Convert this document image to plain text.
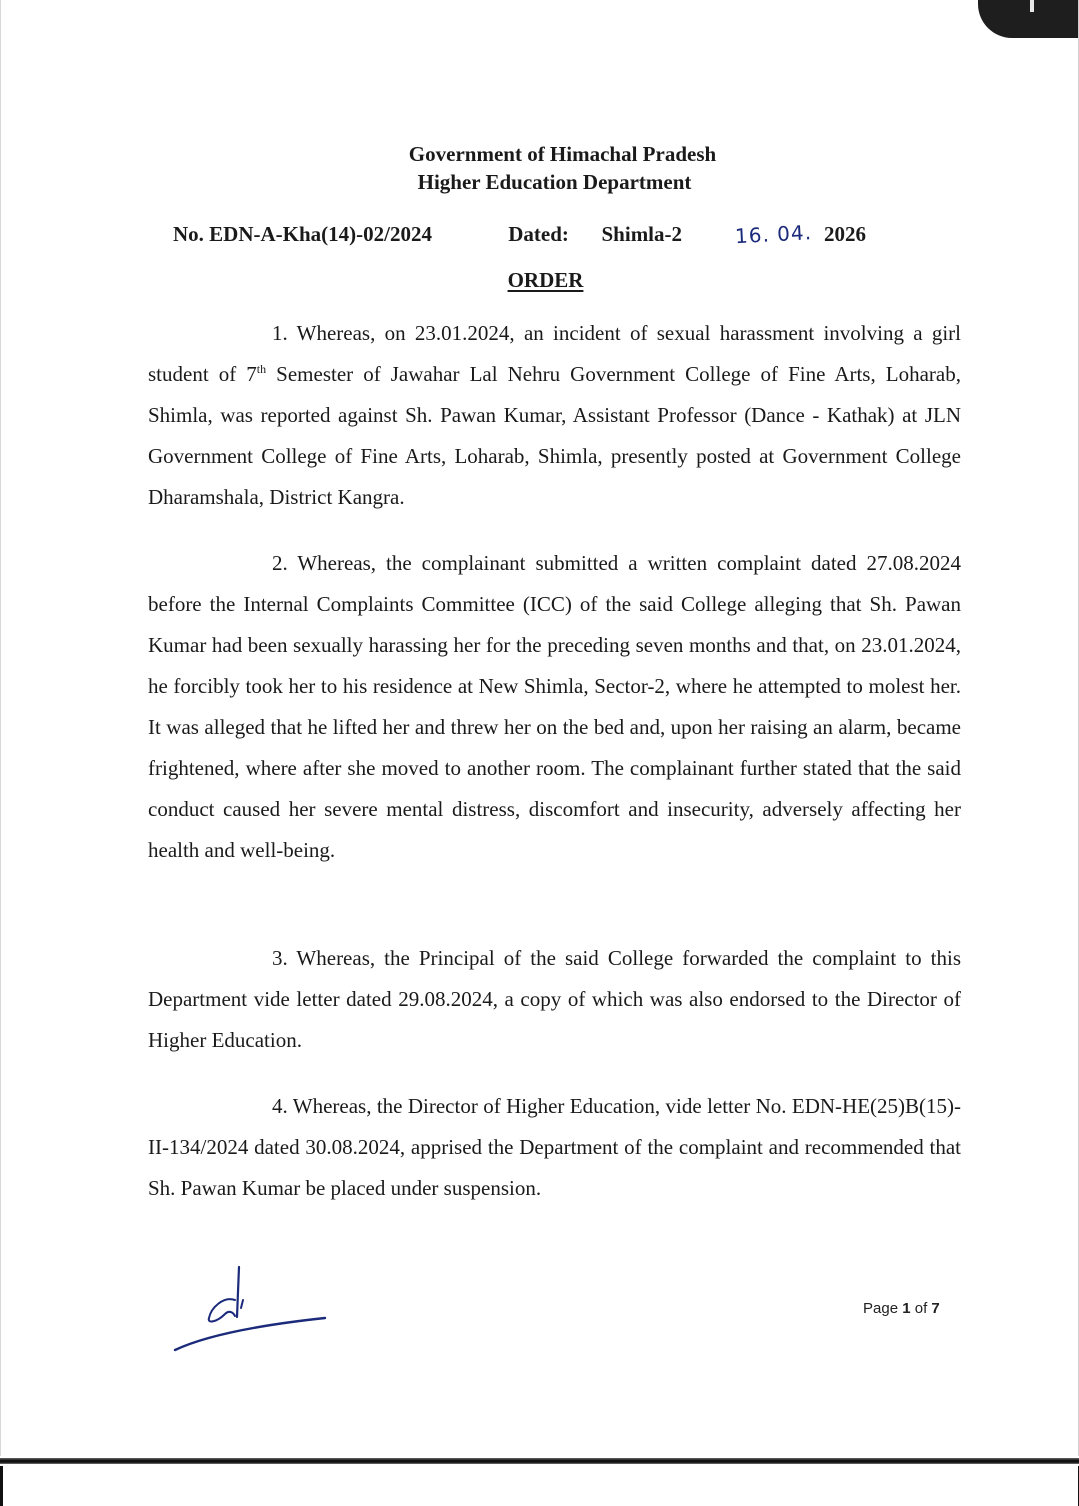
Government of Himachal Pradesh
Higher Education Department
No. EDN-A-Kha(14)-02/2024	Dated: Shimla-2	16. 04. 2026
ORDER

1. Whereas, on 23.01.2024, an incident of sexual harassment involving a girl student of 7th Semester of Jawahar Lal Nehru Government College of Fine Arts, Loharab, Shimla, was reported against Sh. Pawan Kumar, Assistant Professor (Dance - Kathak) at JLN Government College of Fine Arts, Loharab, Shimla, presently posted at Government College Dharamshala, District Kangra.

2. Whereas, the complainant submitted a written complaint dated 27.08.2024 before the Internal Complaints Committee (ICC) of the said College alleging that Sh. Pawan Kumar had been sexually harassing her for the preceding seven months and that, on 23.01.2024, he forcibly took her to his residence at New Shimla, Sector-2, where he attempted to molest her. It was alleged that he lifted her and threw her on the bed and, upon her raising an alarm, became frightened, where after she moved to another room. The complainant further stated that the said conduct caused her severe mental distress, discomfort and insecurity, adversely affecting her health and well-being.

3. Whereas, the Principal of the said College forwarded the complaint to this Department vide letter dated 29.08.2024, a copy of which was also endorsed to the Director of Higher Education.

4. Whereas, the Director of Higher Education, vide letter No. EDN-HE(25)B(15)-II-134/2024 dated 30.08.2024, apprised the Department of the complaint and recommended that Sh. Pawan Kumar be placed under suspension.

Page 1 of 7
